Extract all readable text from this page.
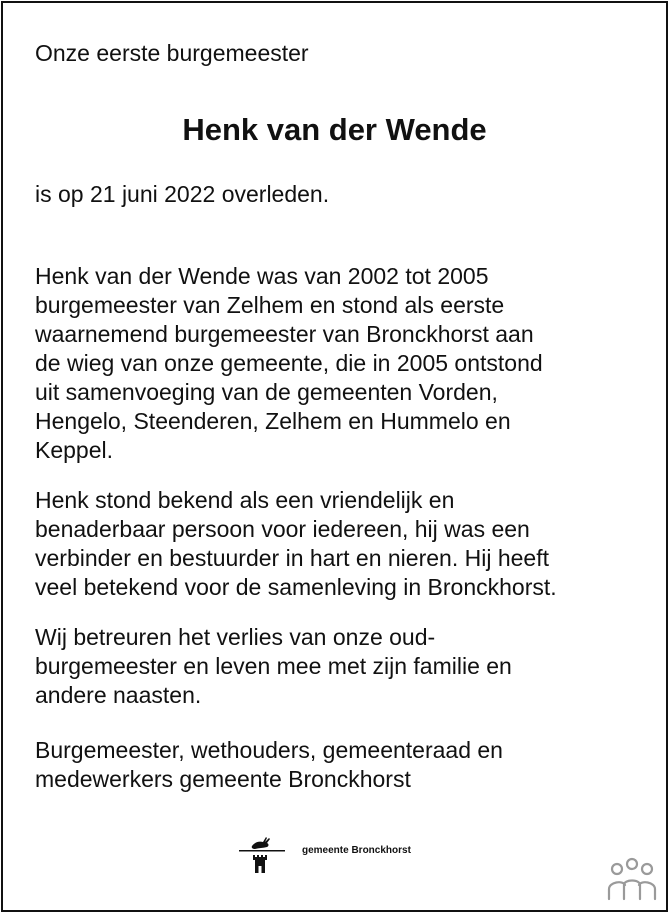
Onze eerste burgemeester
Henk van der Wende
is op 21 juni 2022 overleden.

Henk van der Wende was van 2002 tot 2005
burgemeester van Zelhem en stond als eerste
waarnemend burgemeester van Bronckhorst aan
de wieg van onze gemeente, die in 2005 ontstond
uit samenvoeging van de gemeenten Vorden,
Hengelo, Steenderen, Zelhem en Hummelo en
Keppel.

Henk stond bekend als een vriendelijk en
benaderbaar persoon voor iedereen, hij was een
verbinder en bestuurder in hart en nieren. Hij heeft
veel betekend voor de samenleving in Bronckhorst.

Wij betreuren het verlies van onze oud-
burgemeester en leven mee met zijn familie en
andere naasten.

Burgemeester, wethouders, gemeenteraad en
medewerkers gemeente Bronckhorst

gemeente Bronckhorst
